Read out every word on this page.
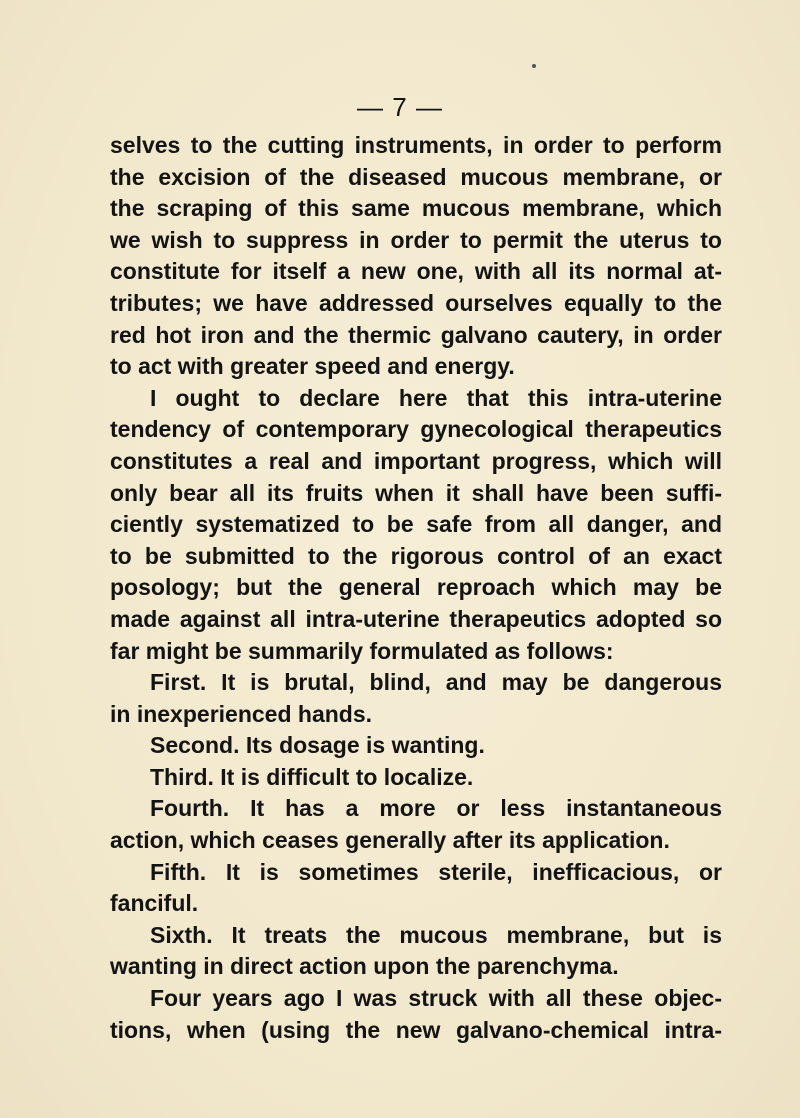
— 7 —
selves to the cutting instruments, in order to perform
the excision of the diseased mucous membrane, or
the scraping of this same mucous membrane, which
we wish to suppress in order to permit the uterus to
constitute for itself a new one, with all its normal at-
tributes; we have addressed ourselves equally to the
red hot iron and the thermic galvano cautery, in order
to act with greater speed and energy.
I ought to declare here that this intra-uterine
tendency of contemporary gynecological therapeutics
constitutes a real and important progress, which will
only bear all its fruits when it shall have been suffi-
ciently systematized to be safe from all danger, and
to be submitted to the rigorous control of an exact
posology; but the general reproach which may be
made against all intra-uterine therapeutics adopted so
far might be summarily formulated as follows:
First. It is brutal, blind, and may be dangerous
in inexperienced hands.
Second. Its dosage is wanting.
Third. It is difficult to localize.
Fourth. It has a more or less instantaneous
action, which ceases generally after its application.
Fifth. It is sometimes sterile, inefficacious, or
fanciful.
Sixth. It treats the mucous membrane, but is
wanting in direct action upon the parenchyma.
Four years ago I was struck with all these objec-
tions, when (using the new galvano-chemical intra-
